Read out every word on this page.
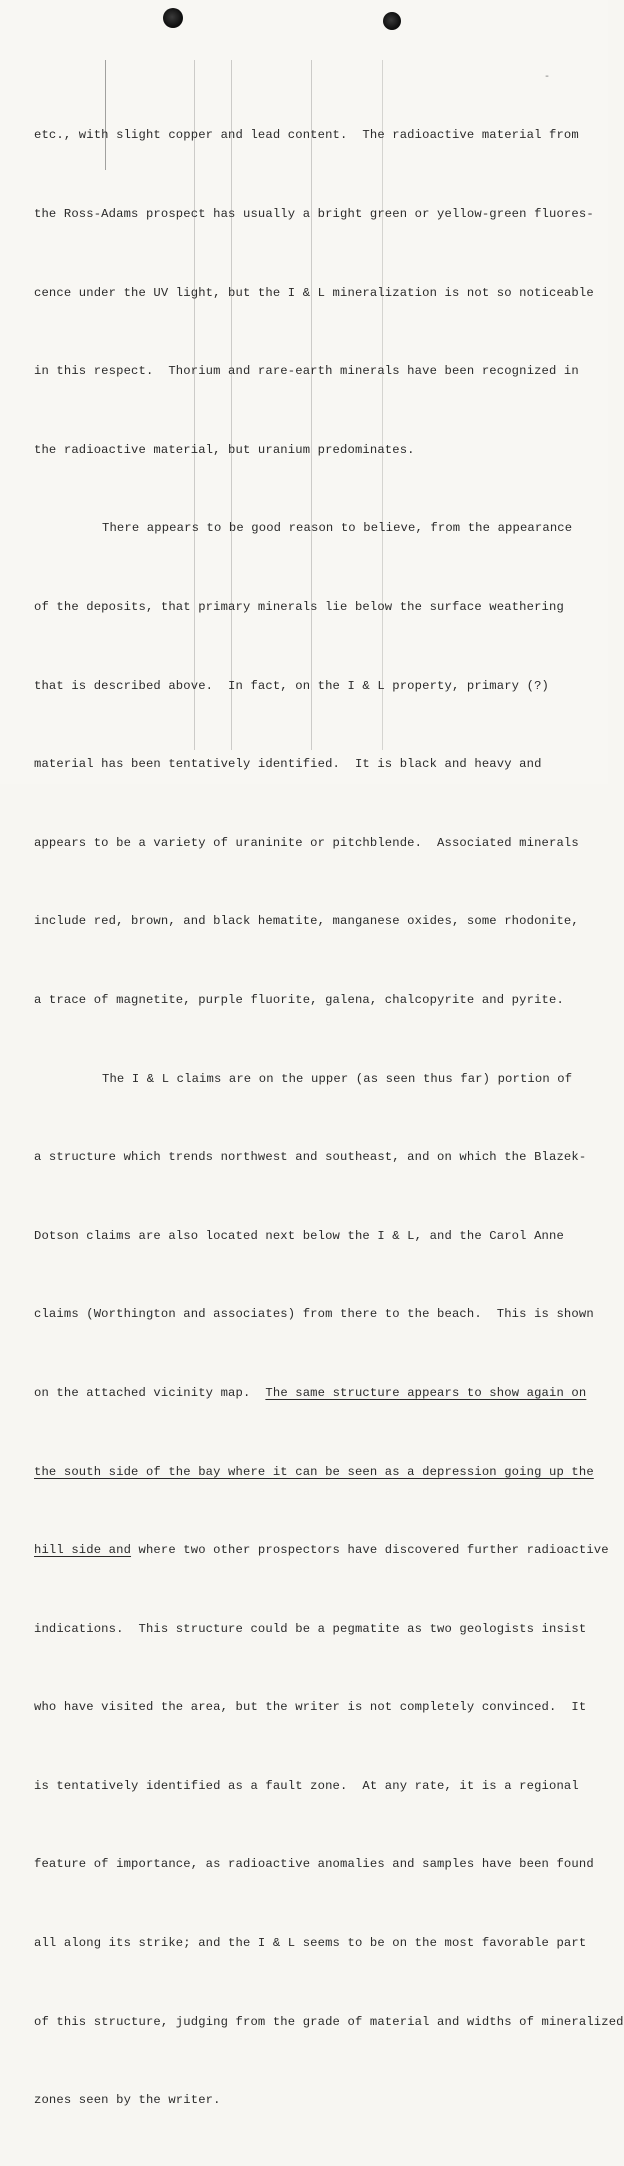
-

etc., with slight copper and lead content.  The radioactive material from

the Ross-Adams prospect has usually a bright green or yellow-green fluores-

cence under the UV light, but the I & L mineralization is not so noticeable

in this respect.  Thorium and rare-earth minerals have been recognized in

the radioactive material, but uranium predominates.

There appears to be good reason to believe, from the appearance

of the deposits, that primary minerals lie below the surface weathering

that is described above.  In fact, on the I & L property, primary (?)

material has been tentatively identified.  It is black and heavy and

appears to be a variety of uraninite or pitchblende.  Associated minerals

include red, brown, and black hematite, manganese oxides, some rhodonite,

a trace of magnetite, purple fluorite, galena, chalcopyrite and pyrite.

The I & L claims are on the upper (as seen thus far) portion of

a structure which trends northwest and southeast, and on which the Blazek-

Dotson claims are also located next below the I & L, and the Carol Anne

claims (Worthington and associates) from there to the beach.  This is shown

on the attached vicinity map. The same structure appears to show again on

the south side of the bay where it can be seen as a depression going up the

hill side and where two other prospectors have discovered further radioactive

indications.  This structure could be a pegmatite as two geologists insist

who have visited the area, but the writer is not completely convinced.  It

is tentatively identified as a fault zone.  At any rate, it is a regional

feature of importance, as radioactive anomalies and samples have been found

all along its strike; and the I & L seems to be on the most favorable part

of this structure, judging from the grade of material and widths of mineralized

zones seen by the writer.
